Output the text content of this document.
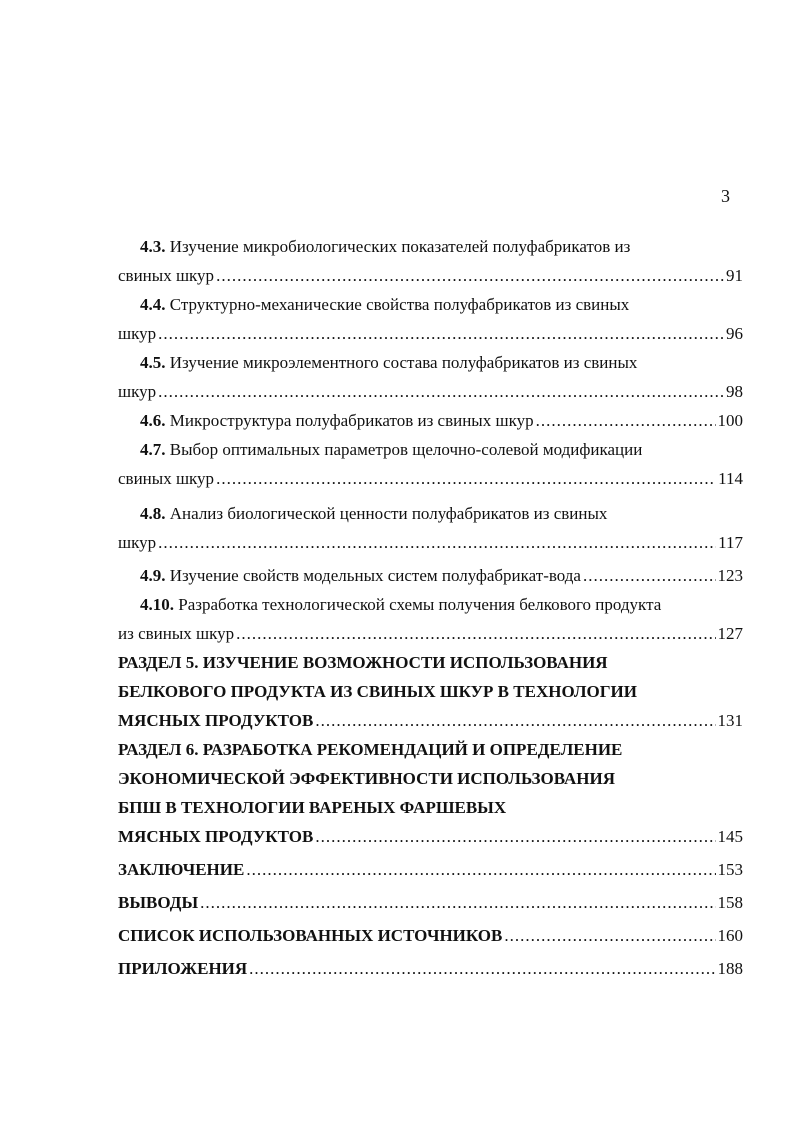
3
4.3. Изучение микробиологических показателей полуфабрикатов из
свиных шкур .....	91
4.4. Структурно-механические свойства полуфабрикатов из свиных
шкур .....	96
4.5. Изучение микроэлементного состава полуфабрикатов из свиных
шкур .....	98
4.6. Микроструктура полуфабрикатов из свиных шкур .....	100
4.7. Выбор оптимальных параметров щелочно-солевой модификации
свиных шкур .....	114
4.8. Анализ биологической ценности полуфабрикатов из свиных
шкур .....	117
4.9. Изучение свойств модельных систем полуфабрикат-вода .....	123
4.10. Разработка технологической схемы получения белкового продукта
из свиных шкур .....	127
РАЗДЕЛ 5. ИЗУЧЕНИЕ ВОЗМОЖНОСТИ ИСПОЛЬЗОВАНИЯ
БЕЛКОВОГО ПРОДУКТА ИЗ СВИНЫХ ШКУР В ТЕХНОЛОГИИ
МЯСНЫХ ПРОДУКТОВ .....	131
РАЗДЕЛ 6. РАЗРАБОТКА РЕКОМЕНДАЦИЙ И ОПРЕДЕЛЕНИЕ
ЭКОНОМИЧЕСКОЙ ЭФФЕКТИВНОСТИ ИСПОЛЬЗОВАНИЯ
БПШ В ТЕХНОЛОГИИ ВАРЕНЫХ ФАРШЕВЫХ
МЯСНЫХ ПРОДУКТОВ .....	145
ЗАКЛЮЧЕНИЕ .....	153
ВЫВОДЫ .....	158
СПИСОК ИСПОЛЬЗОВАННЫХ ИСТОЧНИКОВ .....	160
ПРИЛОЖЕНИЯ .....	188
